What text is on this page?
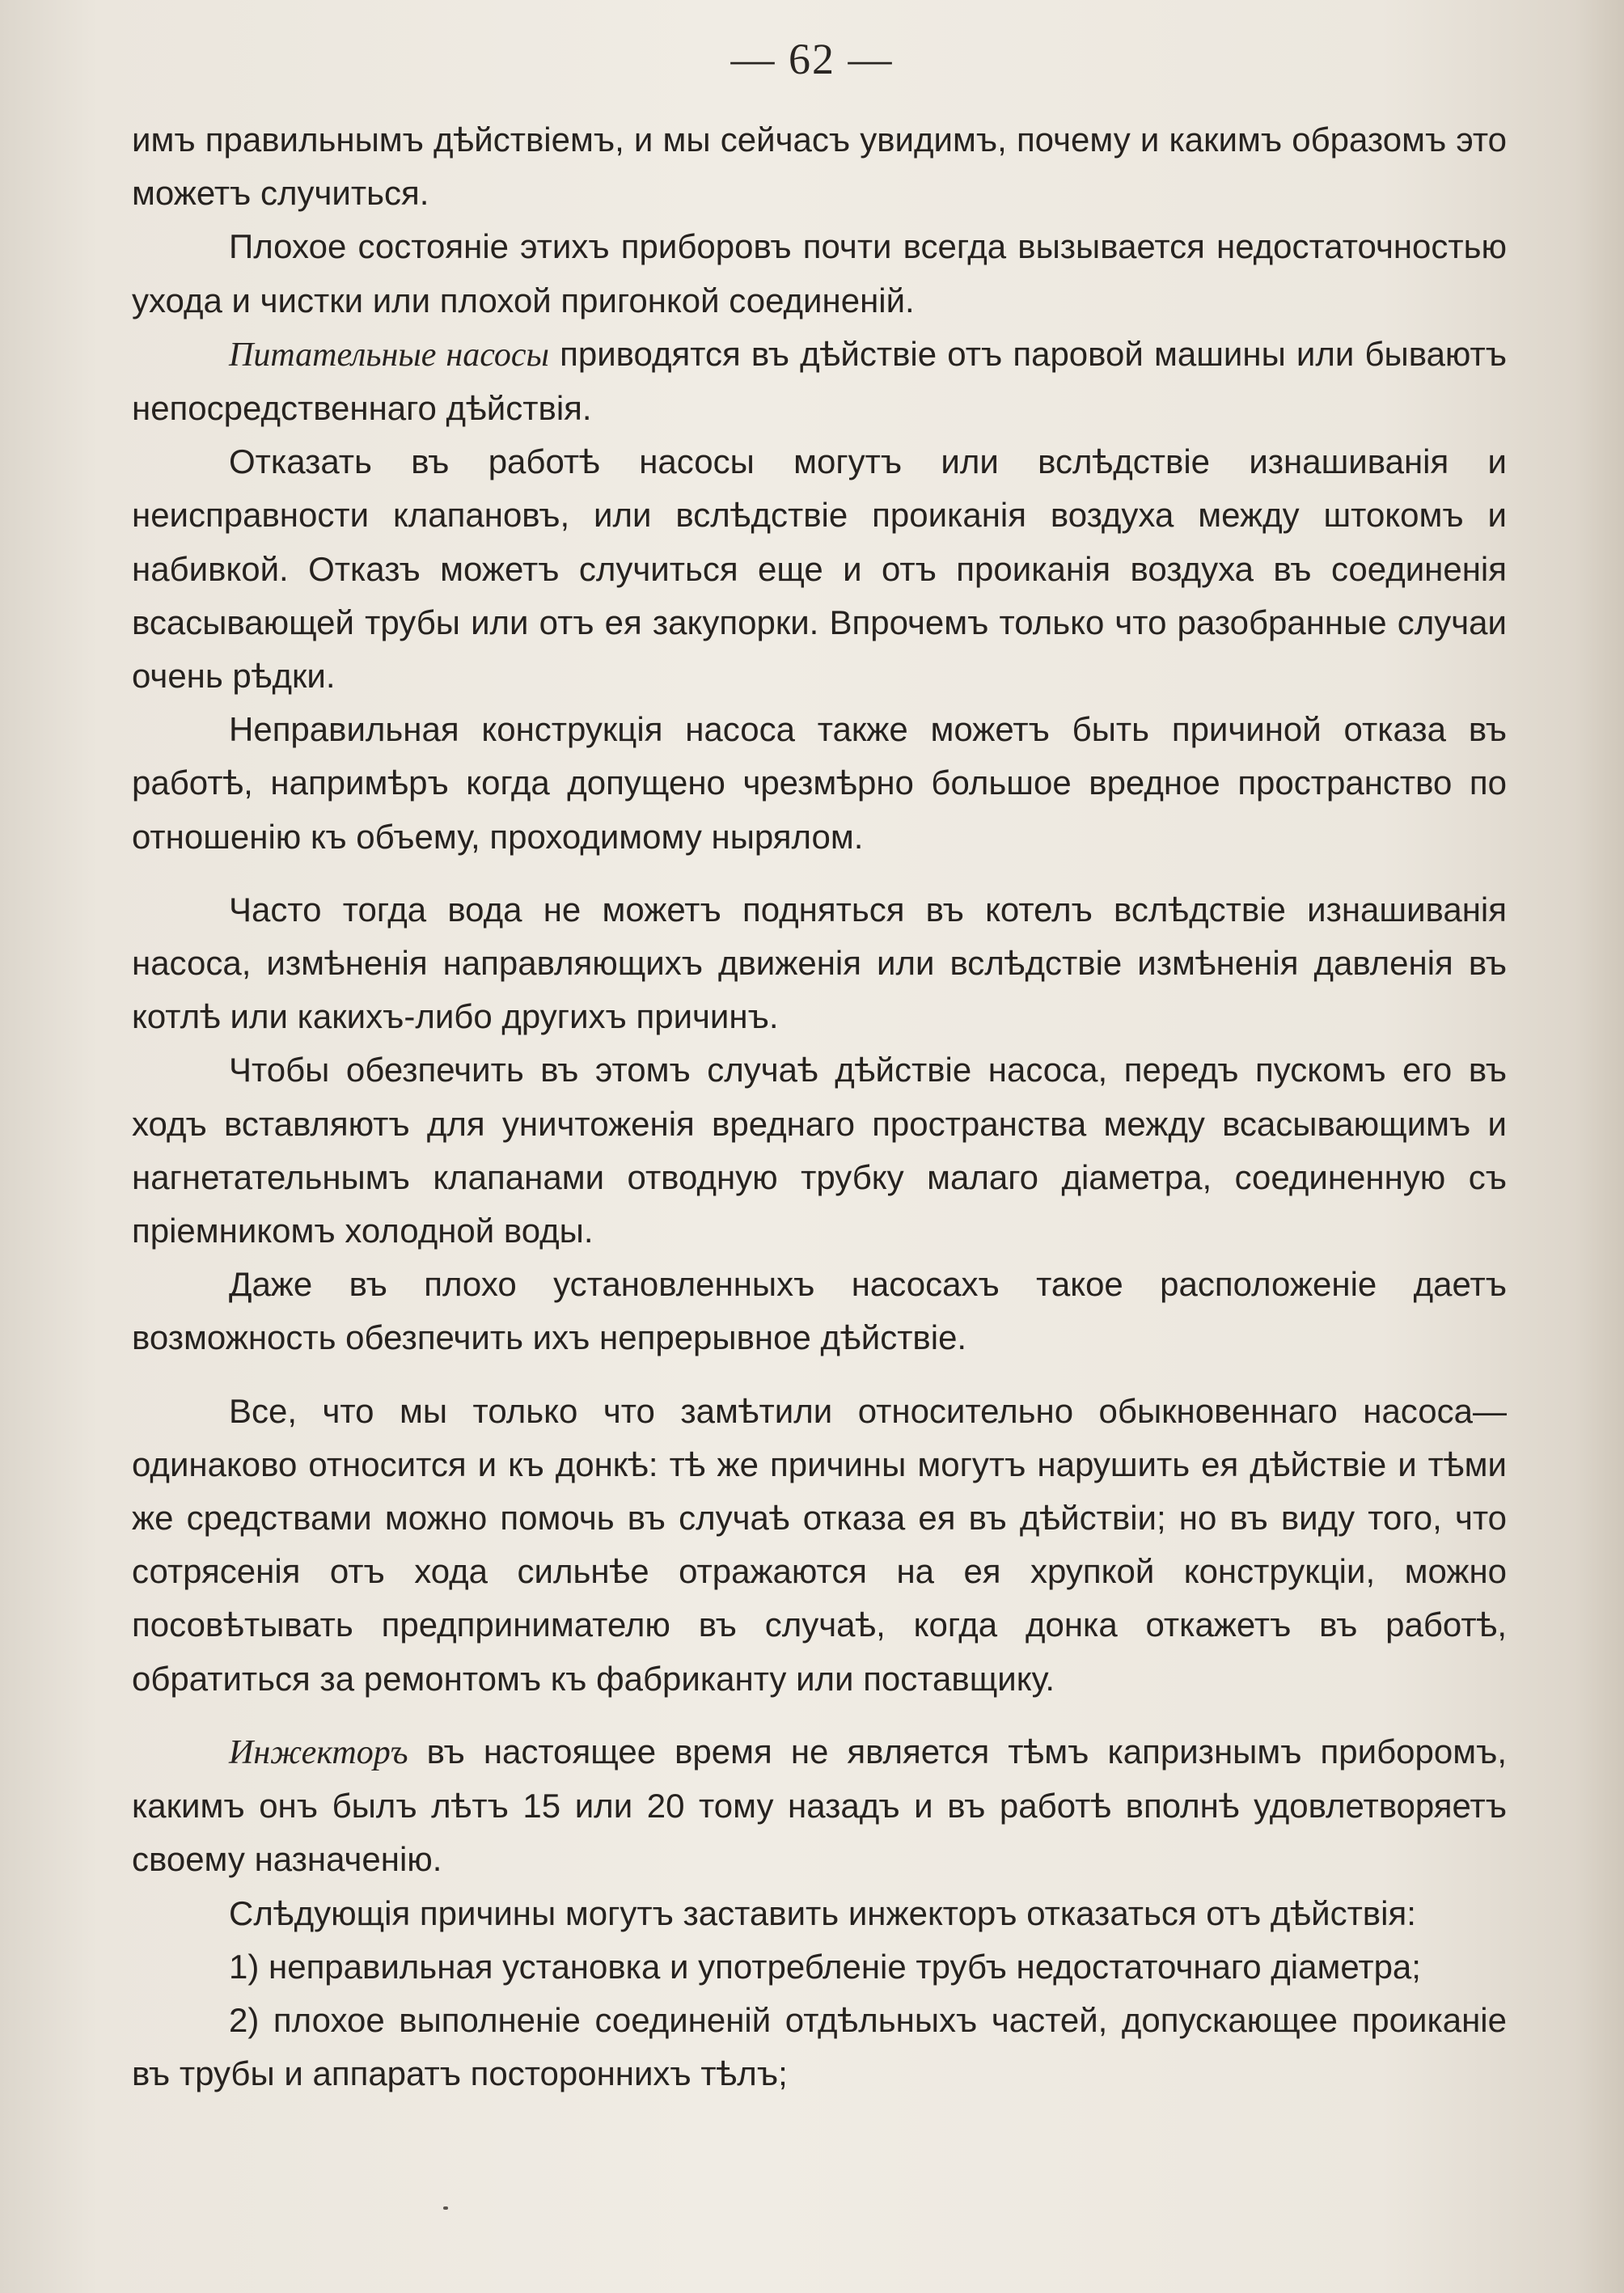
— 62 —

имъ правильнымъ дѣйствіемъ, и мы сейчасъ увидимъ, почему и какимъ образомъ это можетъ случиться.

Плохое состояніе этихъ приборовъ почти всегда вызывается недостаточностью ухода и чистки или плохой пригонкой соединеній.

Питательные насосы приводятся въ дѣйствіе отъ паровой машины или бываютъ непосредственнаго дѣйствія.

Отказать въ работѣ насосы могутъ или вслѣдствіе изнашиванія и неисправности клапановъ, или вслѣдствіе проиканія воздуха между штокомъ и набивкой. Отказъ можетъ случиться еще и отъ проиканія воздуха въ соединенія всасывающей трубы или отъ ея закупорки. Впрочемъ только что разобранные случаи очень рѣдки.

Неправильная конструкція насоса также можетъ быть причиной отказа въ работѣ, напримѣръ когда допущено чрезмѣрно большое вредное пространство по отношенію къ объему, проходимому нырялом.

Часто тогда вода не можетъ подняться въ котелъ вслѣдствіе изнашиванія насоса, измѣненія направляющихъ движенія или вслѣдствіе измѣненія давленія въ котлѣ или какихъ-либо другихъ причинъ.

Чтобы обезпечить въ этомъ случаѣ дѣйствіе насоса, передъ пускомъ его въ ходъ вставляютъ для уничтоженія вреднаго пространства между всасывающимъ и нагнетательнымъ клапанами отводную трубку малаго діаметра, соединенную съ пріемникомъ холодной воды.

Даже въ плохо установленныхъ насосахъ такое расположеніе даетъ возможность обезпечить ихъ непрерывное дѣйствіе.

Все, что мы только что замѣтили относительно обыкновеннаго насоса—одинаково относится и къ донкѣ: тѣ же причины могутъ нарушить ея дѣйствіе и тѣми же средствами можно помочь въ случаѣ отказа ея въ дѣйствіи; но въ виду того, что сотрясенія отъ хода сильнѣе отражаются на ея хрупкой конструкціи, можно посовѣтывать предпринимателю въ случаѣ, когда донка откажетъ въ работѣ, обратиться за ремонтомъ къ фабриканту или поставщику.

Инжекторъ въ настоящее время не является тѣмъ капризнымъ приборомъ, какимъ онъ былъ лѣтъ 15 или 20 тому назадъ и въ работѣ вполнѣ удовлетворяетъ своему назначенію.

Слѣдующія причины могутъ заставить инжекторъ отказаться отъ дѣйствія:

1) неправильная установка и употребленіе трубъ недостаточнаго діаметра;

2) плохое выполненіе соединеній отдѣльныхъ частей, допускающее проиканіе въ трубы и аппаратъ постороннихъ тѣлъ;
